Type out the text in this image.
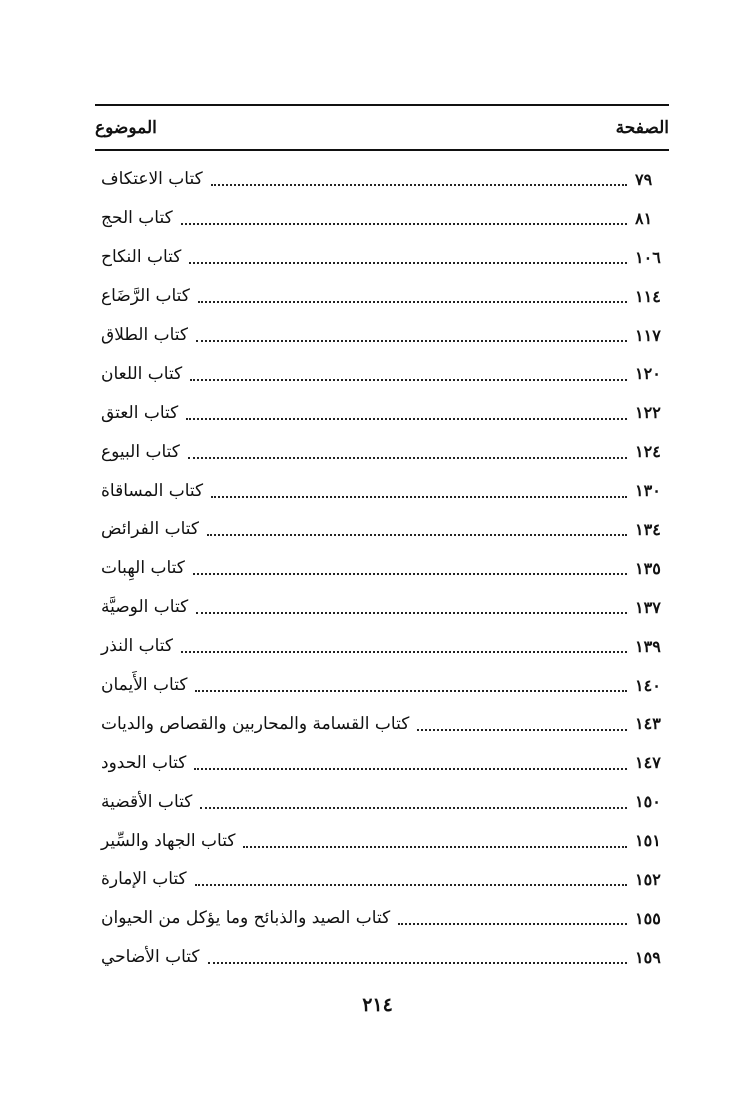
الموضوع	الصفحة
كتاب الاعتكاف	٧٩
كتاب الحج	٨١
كتاب النكاح	١٠٦
كتاب الرَّضَاع	١١٤
كتاب الطلاق	١١٧
كتاب اللعان	١٢٠
كتاب العتق	١٢٢
كتاب البيوع	١٢٤
كتاب المساقاة	١٣٠
كتاب الفرائض	١٣٤
كتاب الهِبات	١٣٥
كتاب الوصيَّة	١٣٧
كتاب النذر	١٣٩
كتاب الأَيمان	١٤٠
كتاب القسامة والمحاربين والقصاص والديات	١٤٣
كتاب الحدود	١٤٧
كتاب الأقضية	١٥٠
كتاب الجهاد والسِّير	١٥١
كتاب الإمارة	١٥٢
كتاب الصيد والذبائح وما يؤكل من الحيوان	١٥٥
كتاب الأضاحي	١٥٩
٢١٤
